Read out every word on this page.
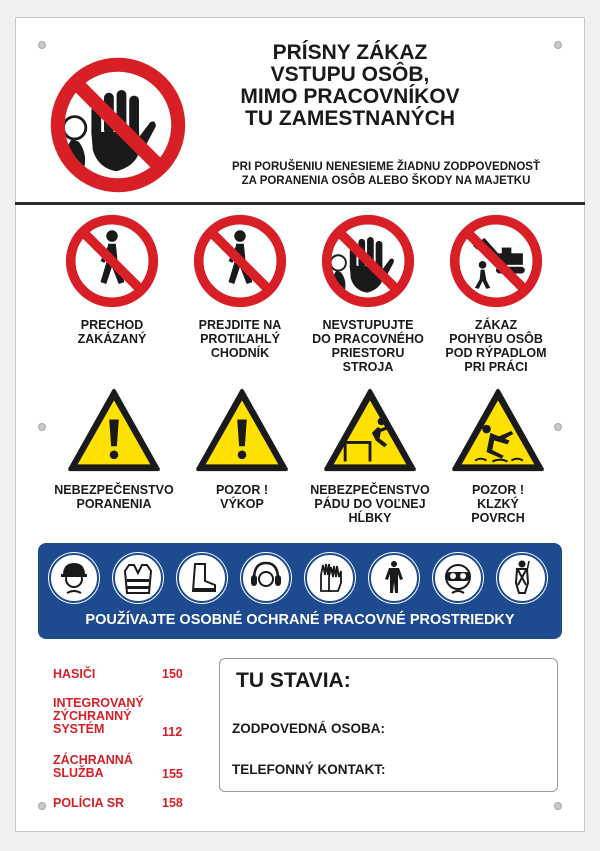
PRÍSNY ZÁKAZ
VSTUPU OSÔB,
MIMO PRACOVNÍKOV
TU ZAMESTNANÝCH
PRI PORUŠENIU NENESIEME ŽIADNU ZODPOVEDNOSŤ
ZA PORANENIA OSÔB ALEBO ŠKODY NA MAJETKU
PRECHOD
ZAKÁZANÝ
PREJDITE NA
PROTIĽAHLÝ
CHODNÍK
NEVSTUPUJTE
DO PRACOVNÉHO
PRIESTORU
STROJA
ZÁKAZ
POHYBU OSÔB
POD RÝPADLOM
PRI PRÁCI
NEBEZPEČENSTVO
PORANENIA
POZOR !
VÝKOP
NEBEZPEČENSTVO
PÁDU DO VOĽNEJ
HĹBKY
POZOR !
KLZKÝ
POVRCH
POUŽÍVAJTE OSOBNÉ OCHRANÉ PRACOVNÉ PROSTRIEDKY
HASIČI	150
INTEGROVANÝ
ZÝCHRANNÝ
SYSTÉM	112
ZÁCHRANNÁ
SLUŽBA	155
POLÍCIA SR	158
TU STAVIA:
ZODPOVEDNÁ OSOBA:
TELEFONNÝ KONTAKT:
